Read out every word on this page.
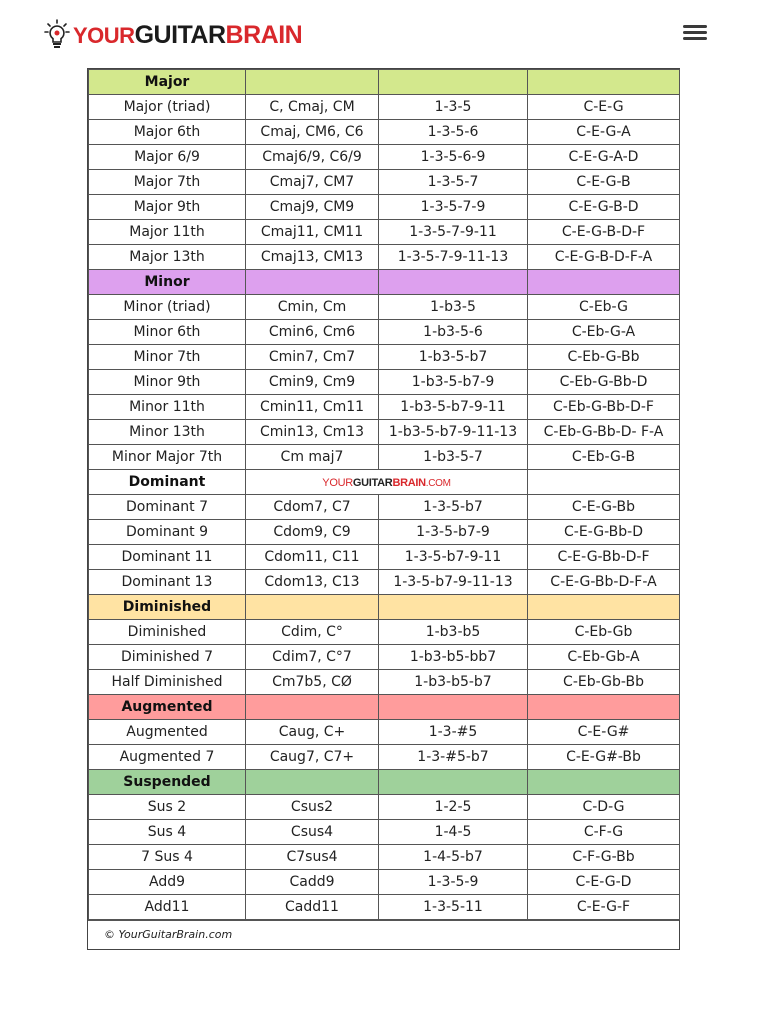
YOURGUITARBRAIN
Major			
Major (triad)	C, Cmaj, CM	1-3-5	C-E-G
Major 6th	Cmaj, CM6, C6	1-3-5-6	C-E-G-A
Major 6/9	Cmaj6/9, C6/9	1-3-5-6-9	C-E-G-A-D
Major 7th	Cmaj7, CM7	1-3-5-7	C-E-G-B
Major 9th	Cmaj9, CM9	1-3-5-7-9	C-E-G-B-D
Major 11th	Cmaj11, CM11	1-3-5-7-9-11	C-E-G-B-D-F
Major 13th	Cmaj13, CM13	1-3-5-7-9-11-13	C-E-G-B-D-F-A
Minor			
Minor (triad)	Cmin, Cm	1-b3-5	C-Eb-G
Minor 6th	Cmin6, Cm6	1-b3-5-6	C-Eb-G-A
Minor 7th	Cmin7, Cm7	1-b3-5-b7	C-Eb-G-Bb
Minor 9th	Cmin9, Cm9	1-b3-5-b7-9	C-Eb-G-Bb-D
Minor 11th	Cmin11, Cm11	1-b3-5-b7-9-11	C-Eb-G-Bb-D-F
Minor 13th	Cmin13, Cm13	1-b3-5-b7-9-11-13	C-Eb-G-Bb-D- F-A
Minor Major 7th	Cm maj7	1-b3-5-7	C-Eb-G-B
Dominant	YOURGUITARBRAIN.COM		
Dominant 7	Cdom7, C7	1-3-5-b7	C-E-G-Bb
Dominant 9	Cdom9, C9	1-3-5-b7-9	C-E-G-Bb-D
Dominant 11	Cdom11, C11	1-3-5-b7-9-11	C-E-G-Bb-D-F
Dominant 13	Cdom13, C13	1-3-5-b7-9-11-13	C-E-G-Bb-D-F-A
Diminished			
Diminished	Cdim, C°	1-b3-b5	C-Eb-Gb
Diminished 7	Cdim7, C°7	1-b3-b5-bb7	C-Eb-Gb-A
Half Diminished	Cm7b5, CØ	1-b3-b5-b7	C-Eb-Gb-Bb
Augmented			
Augmented	Caug, C+	1-3-#5	C-E-G#
Augmented 7	Caug7, C7+	1-3-#5-b7	C-E-G#-Bb
Suspended			
Sus 2	Csus2	1-2-5	C-D-G
Sus 4	Csus4	1-4-5	C-F-G
7 Sus 4	C7sus4	1-4-5-b7	C-F-G-Bb
Add9	Cadd9	1-3-5-9	C-E-G-D
Add11	Cadd11	1-3-5-11	C-E-G-F
© YourGuitarBrain.com
